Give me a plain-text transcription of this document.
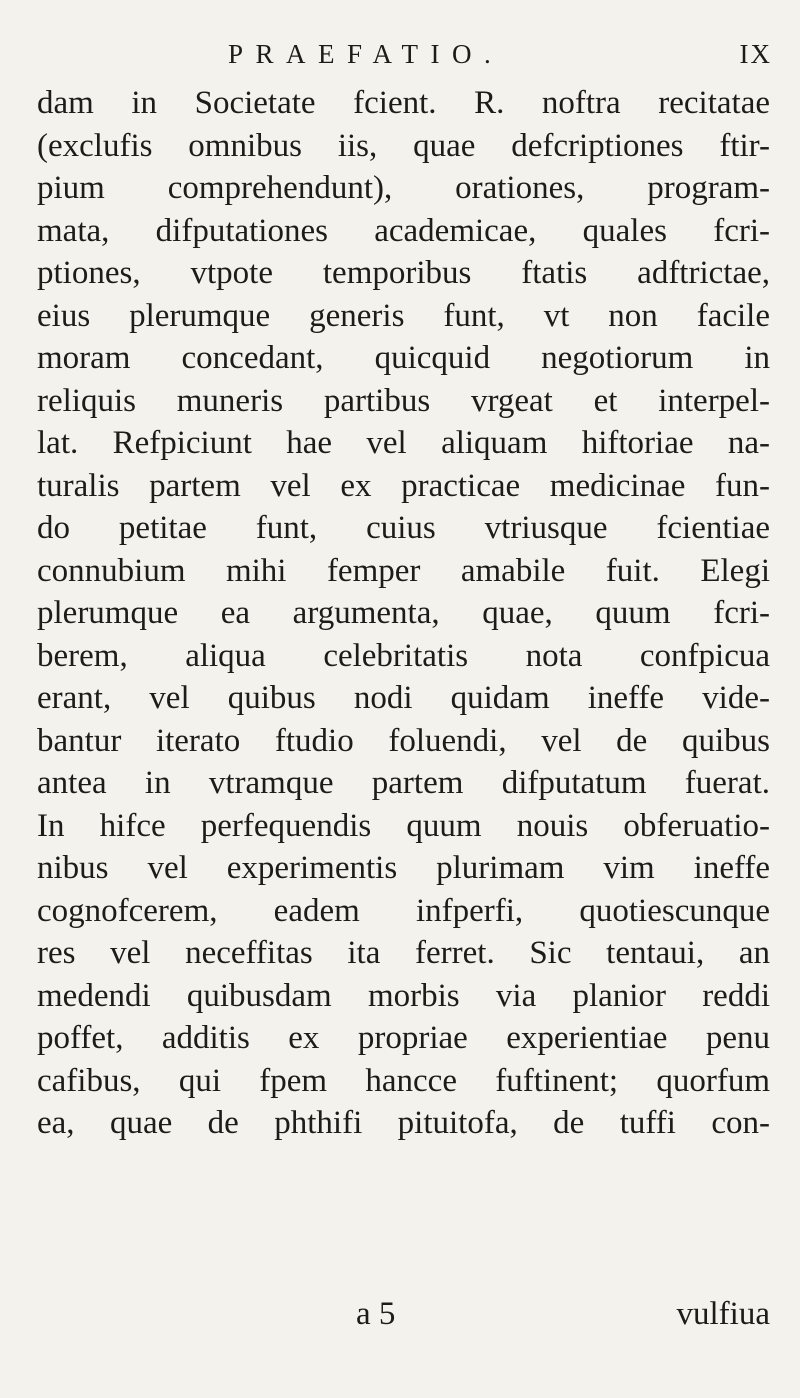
PRAEFATIO.	IX
dam in Societate fcient. R. noftra recitatae
(exclufis omnibus iis, quae defcriptiones ftir-
pium comprehendunt), orationes, program-
mata, difputationes academicae, quales fcri-
ptiones, vtpote temporibus ftatis adftrictae,
eius plerumque generis funt, vt non facile
moram concedant, quicquid negotiorum in
reliquis muneris partibus vrgeat et interpel-
lat. Refpiciunt hae vel aliquam hiftoriae na-
turalis partem vel ex practicae medicinae fun-
do petitae funt, cuius vtriusque fcientiae
connubium mihi femper amabile fuit. Elegi
plerumque ea argumenta, quae, quum fcri-
berem, aliqua celebritatis nota confpicua
erant, vel quibus nodi quidam ineffe vide-
bantur iterato ftudio foluendi, vel de quibus
antea in vtramque partem difputatum fuerat.
In hifce perfequendis quum nouis obferuatio-
nibus vel experimentis plurimam vim ineffe
cognofcerem, eadem infperfi, quotiescunque
res vel neceffitas ita ferret. Sic tentaui, an
medendi quibusdam morbis via planior reddi
poffet, additis ex propriae experientiae penu
cafibus, qui fpem hancce fuftinent; quorfum
ea, quae de phthifi pituitofa, de tuffi con-
a 5	vulfiua
